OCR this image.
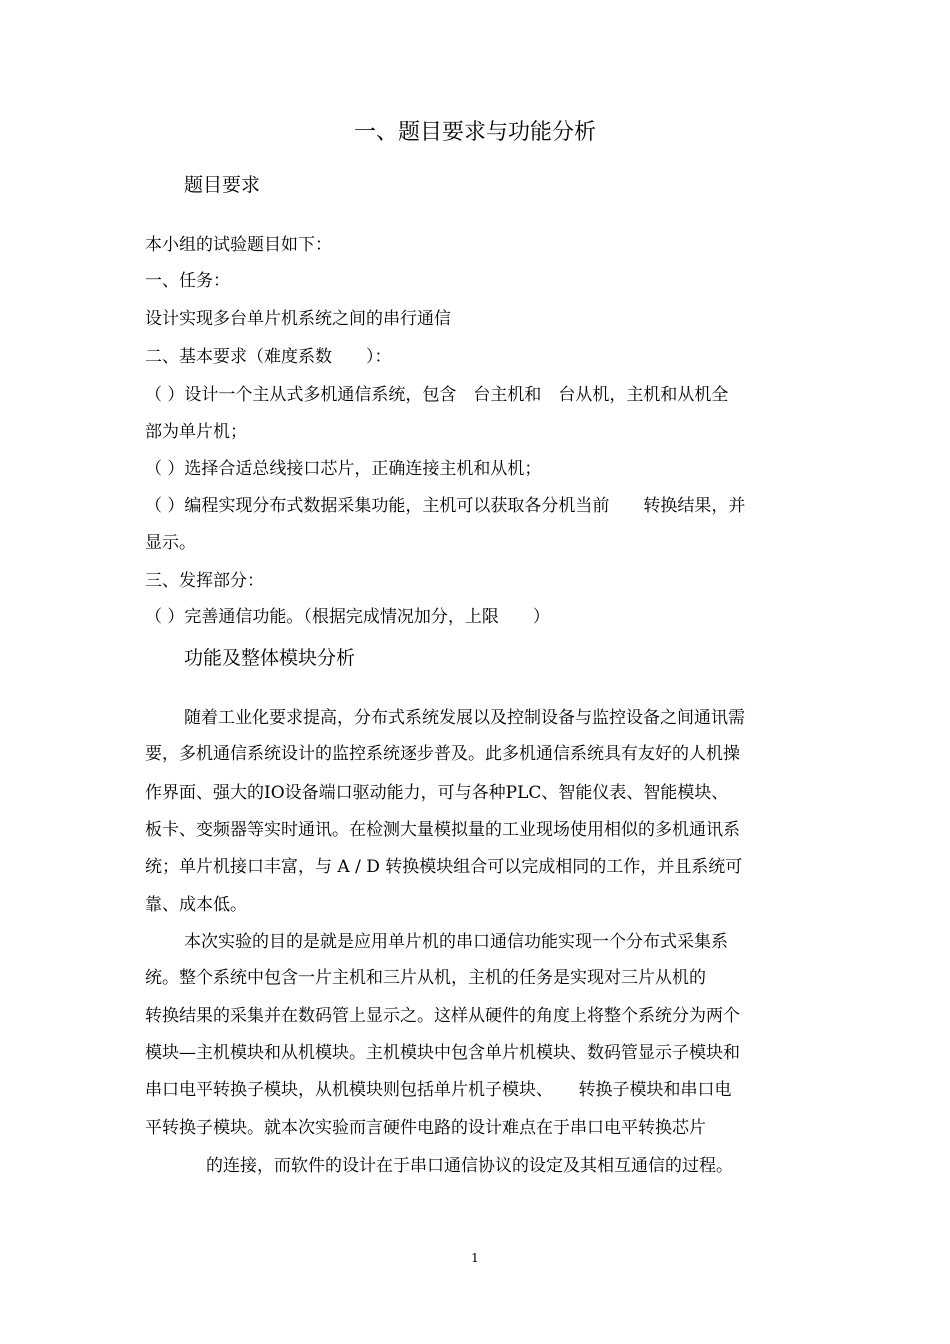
一、题目要求与功能分析
题目要求

本小组的试验题目如下：

一、任务：

设计实现多台单片机系统之间的串行通信

二、基本要求（难度系数　　）：

（ ）设计一个主从式多机通信系统，包含　台主机和　台从机，主机和从机全

部为单片机；

（ ）选择合适总线接口芯片，正确连接主机和从机；

（ ）编程实现分布式数据采集功能，主机可以获取各分机当前　　转换结果，并

显示。

三、发挥部分：

（ ）完善通信功能。（根据完成情况加分，上限　　）

功能及整体模块分析

随着工业化要求提高，分布式系统发展以及控制设备与监控设备之间通讯需

要，多机通信系统设计的监控系统逐步普及。此多机通信系统具有友好的人机操

作界面、强大的IO设备端口驱动能力，可与各种PLC、智能仪表、智能模块、

板卡、变频器等实时通讯。在检测大量模拟量的工业现场使用相似的多机通讯系

统；单片机接口丰富，与 A / D 转换模块组合可以完成相同的工作，并且系统可

靠、成本低。

本次实验的目的是就是应用单片机的串口通信功能实现一个分布式采集系

统。整个系统中包含一片主机和三片从机，主机的任务是实现对三片从机的

转换结果的采集并在数码管上显示之。这样从硬件的角度上将整个系统分为两个

模块—主机模块和从机模块。主机模块中包含单片机模块、数码管显示子模块和

串口电平转换子模块，从机模块则包括单片机子模块、　　转换子模块和串口电

平转换子模块。就本次实验而言硬件电路的设计难点在于串口电平转换芯片

的连接，而软件的设计在于串口通信协议的设定及其相互通信的过程。

1
